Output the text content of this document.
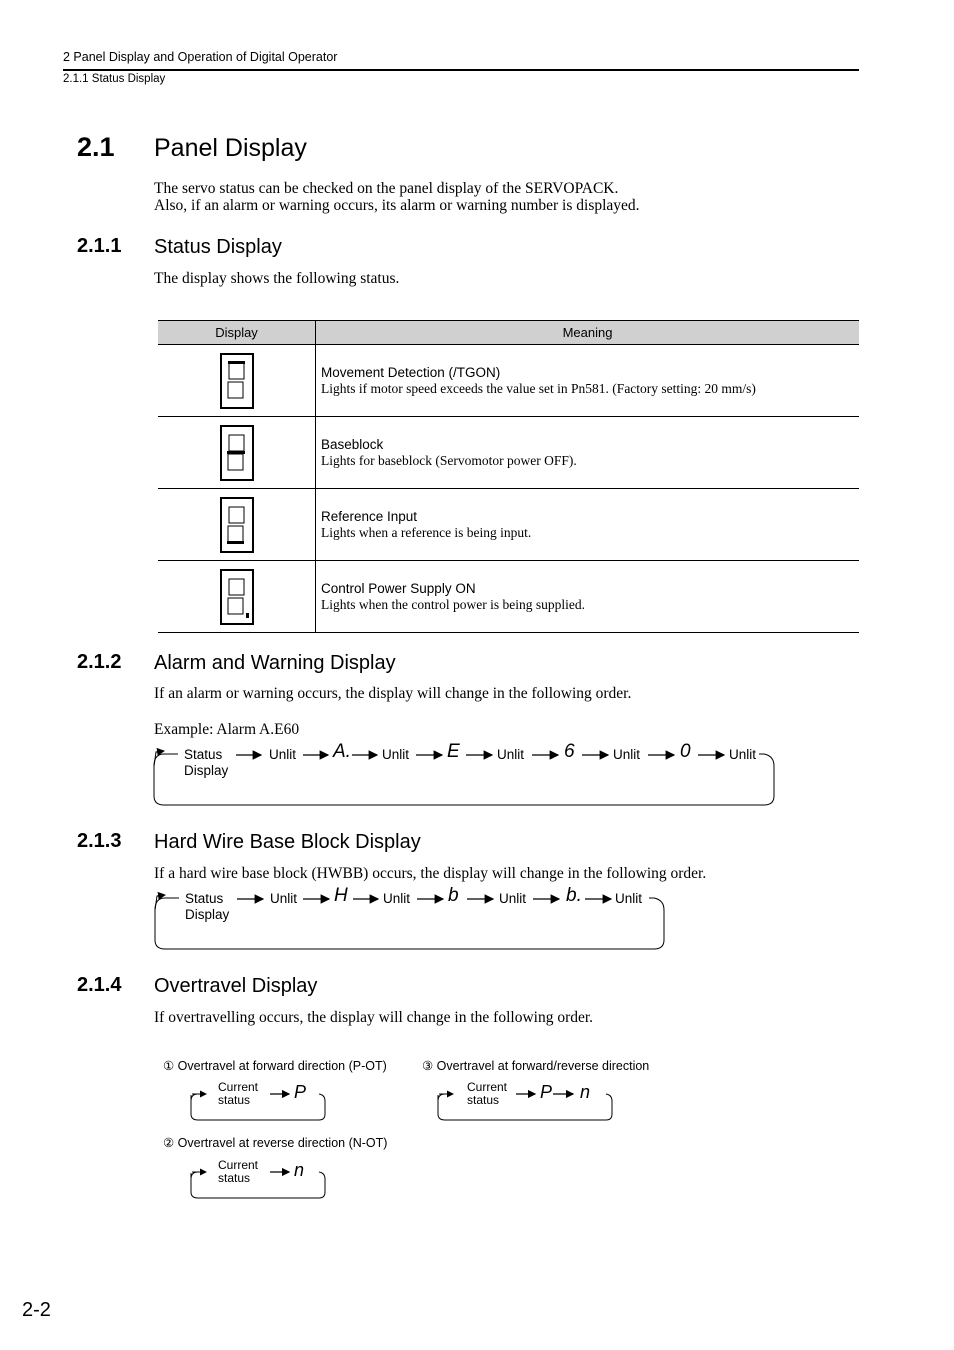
2 Panel Display and Operation of Digital Operator
2.1.1 Status Display
2.1 Panel Display
The servo status can be checked on the panel display of the SERVOPACK.
Also, if an alarm or warning occurs, its alarm or warning number is displayed.
2.1.1 Status Display
The display shows the following status.
Display	Meaning

Movement Detection (/TGON)
Lights if motor speed exceeds the value set in Pn581. (Factory setting: 20 mm/s)

Baseblock
Lights for baseblock (Servomotor power OFF).

Reference Input
Lights when a reference is being input.

Control Power Supply ON
Lights when the control power is being supplied.
2.1.2 Alarm and Warning Display
If an alarm or warning occurs, the display will change in the following order.
Example: Alarm A.E60
Status
Display
Unlit A. Unlit E	Unlit 6	Unlit 0	Unlit
2.1.3 Hard Wire Base Block Display
If a hard wire base block (HWBB) occurs, the display will change in the following order.
Status
Display
Unlit H	Unlit b	Unlit b. Unlit
2.1.4 Overtravel Display
If overtravelling occurs, the display will change in the following order.
① Overtravel at forward direction (P-OT)	③ Overtravel at forward/reverse direction
② Overtravel at reverse direction (N-OT)
Current
status P	Current
status P n
Current
status n
2-2
